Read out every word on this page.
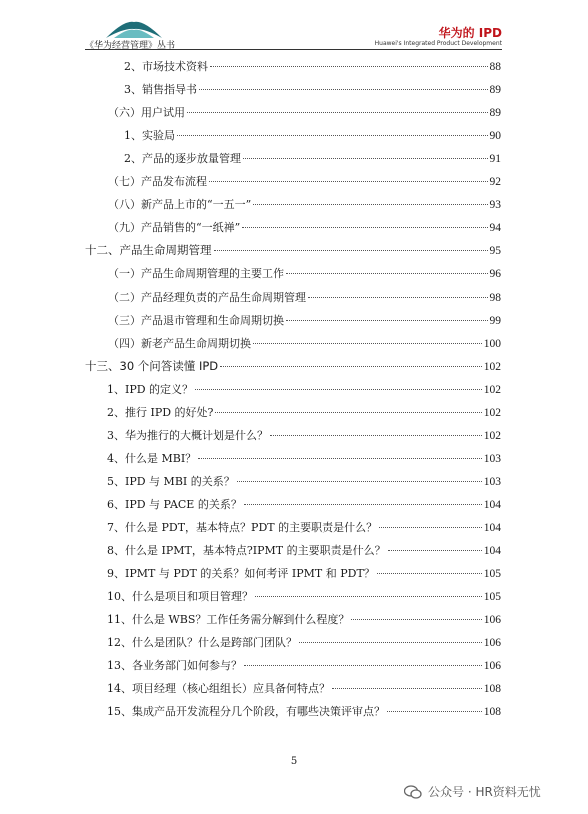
《华为经营管理》丛书
华为的 IPD
Huawei's Integrated Product Development
2、市场技术资料	88
3、销售指导书	89
（六）用户试用	89
1、实验局	90
2、产品的逐步放量管理	91
（七）产品发布流程	92
（八）新产品上市的“一五一”	93
（九）产品销售的“一纸禅”	94
十二、产品生命周期管理	95
（一）产品生命周期管理的主要工作	96
（二）产品经理负责的产品生命周期管理	98
（三）产品退市管理和生命周期切换	99
（四）新老产品生命周期切换	100
十三、30 个问答读懂 IPD	102
1、IPD 的定义？	102
2、推行 IPD 的好处?	102
3、华为推行的大概计划是什么？	102
4、什么是 MBI？	103
5、IPD 与 MBI 的关系？	103
6、IPD 与 PACE 的关系？	104
7、什么是 PDT，基本特点？PDT 的主要职责是什么？	104
8、什么是 IPMT，基本特点?IPMT 的主要职责是什么？	104
9、IPMT 与 PDT 的关系？如何考评 IPMT 和 PDT？	105
10、什么是项目和项目管理？	105
11、什么是 WBS？工作任务需分解到什么程度？	106
12、什么是团队？什么是跨部门团队？	106
13、各业务部门如何参与？	106
14、项目经理（核心组组长）应具备何特点？	108
15、集成产品开发流程分几个阶段，有哪些决策评审点？	108
5
公众号 · HR资料无忧
